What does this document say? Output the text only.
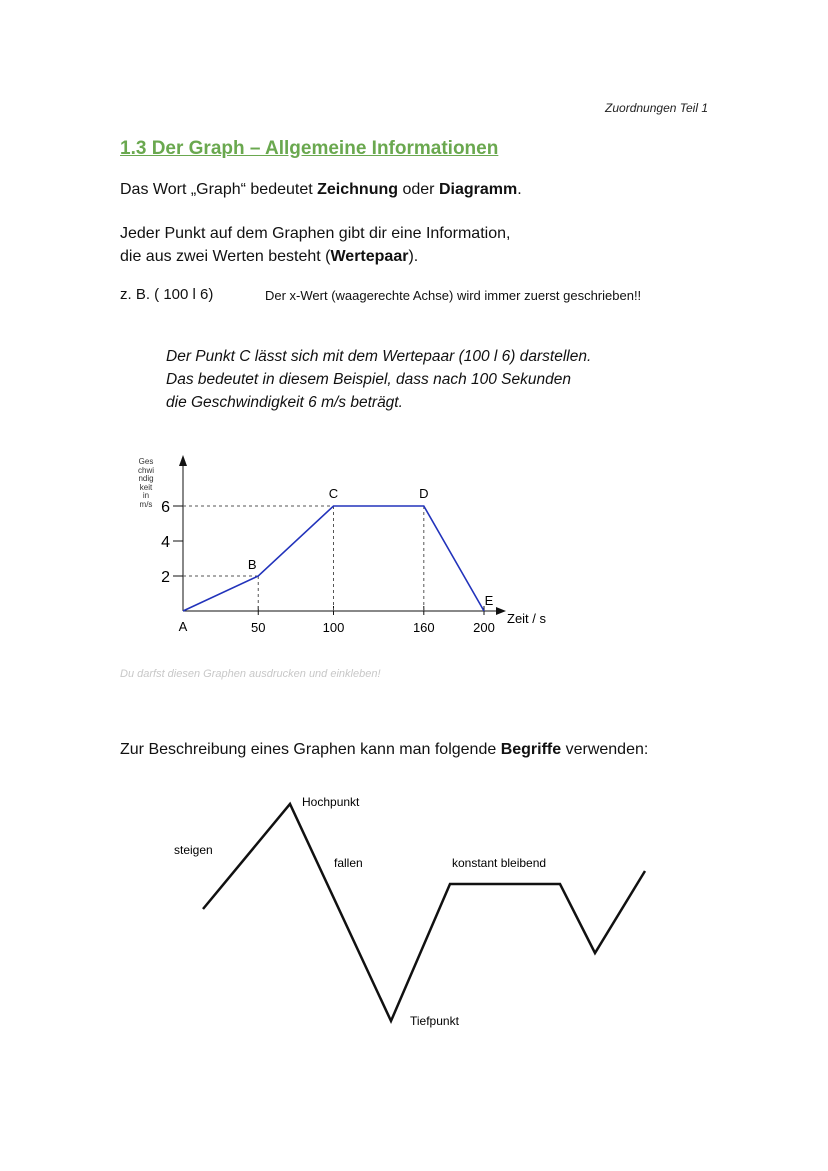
Zuordnungen Teil 1
1.3 Der Graph – Allgemeine Informationen
Das Wort „Graph“ bedeutet Zeichnung oder Diagramm.
Jeder Punkt auf dem Graphen gibt dir eine Information,
die aus zwei Werten besteht (Wertepaar).
z. B. ( 100 l 6)	Der x-Wert (waagerechte Achse) wird immer zuerst geschrieben!!
Der Punkt C lässt sich mit dem Wertepaar (100 l 6) darstellen.
Das bedeutet in diesem Beispiel, dass nach 100 Sekunden
die Geschwindigkeit 6 m/s beträgt.
Geschwindigkeit in m/s
2
4
6
50	100	160	200
A
B
C	D
E
Zeit / s
Du darfst diesen Graphen ausdrucken und einkleben!
Zur Beschreibung eines Graphen kann man folgende Begriffe verwenden:
steigen
Hochpunkt
fallen	konstant bleibend
Tiefpunkt
